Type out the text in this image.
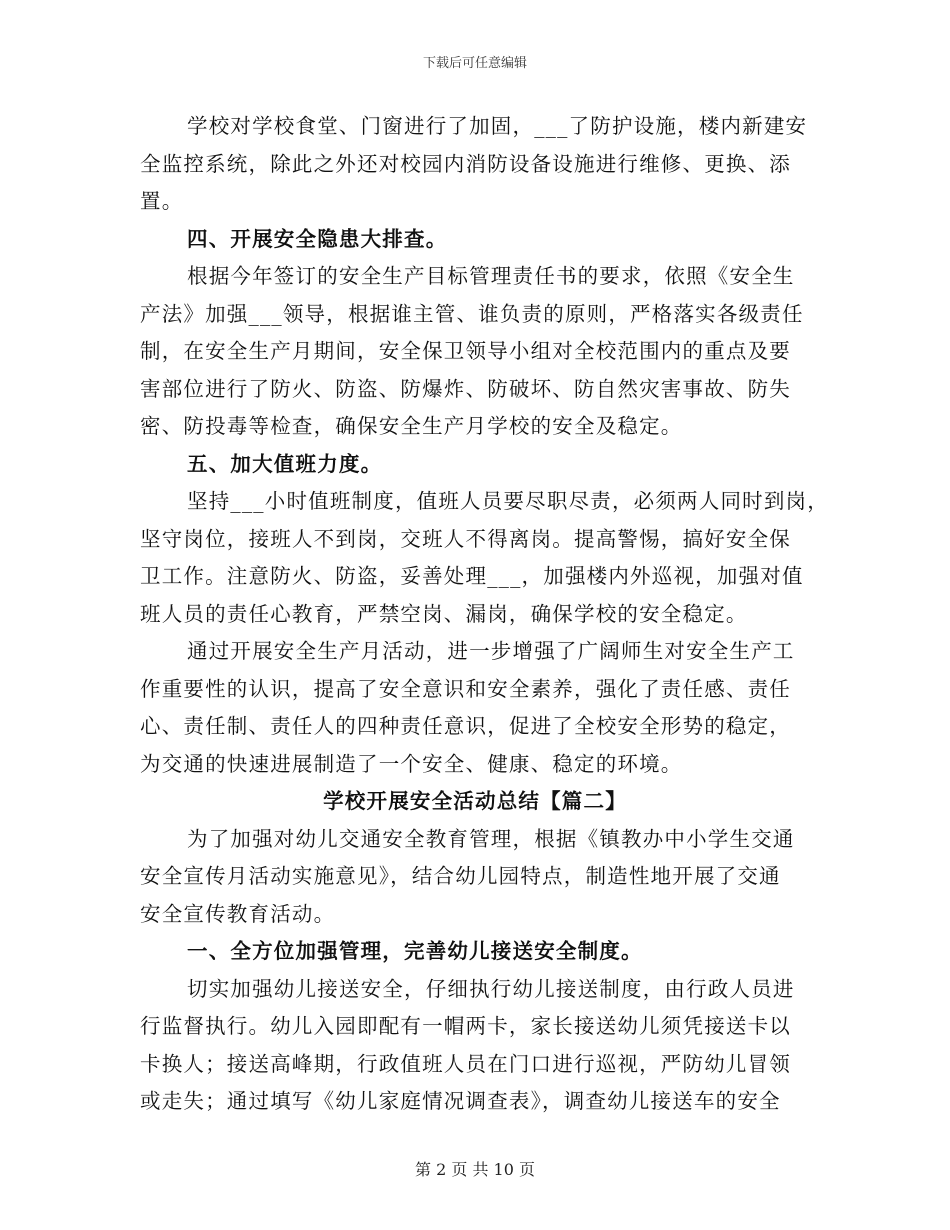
下载后可任意编辑
学校对学校食堂、门窗进行了加固，___了防护设施，楼内新建安
全监控系统，除此之外还对校园内消防设备设施进行维修、更换、添
置。
四、开展安全隐患大排查。
根据今年签订的安全生产目标管理责任书的要求，依照《安全生
产法》加强___领导，根据谁主管、谁负责的原则，严格落实各级责任
制，在安全生产月期间，安全保卫领导小组对全校范围内的重点及要
害部位进行了防火、防盗、防爆炸、防破坏、防自然灾害事故、防失
密、防投毒等检查，确保安全生产月学校的安全及稳定。
五、加大值班力度。
坚持___小时值班制度，值班人员要尽职尽责，必须两人同时到岗，
坚守岗位，接班人不到岗，交班人不得离岗。提高警惕，搞好安全保
卫工作。注意防火、防盗，妥善处理___，加强楼内外巡视，加强对值
班人员的责任心教育，严禁空岗、漏岗，确保学校的安全稳定。
通过开展安全生产月活动，进一步增强了广阔师生对安全生产工
作重要性的认识，提高了安全意识和安全素养，强化了责任感、责任
心、责任制、责任人的四种责任意识，促进了全校安全形势的稳定，
为交通的快速进展制造了一个安全、健康、稳定的环境。
学校开展安全活动总结【篇二】
为了加强对幼儿交通安全教育管理，根据《镇教办中小学生交通
安全宣传月活动实施意见》，结合幼儿园特点，制造性地开展了交通
安全宣传教育活动。
一、全方位加强管理，完善幼儿接送安全制度。
切实加强幼儿接送安全，仔细执行幼儿接送制度，由行政人员进
行监督执行。幼儿入园即配有一帽两卡，家长接送幼儿须凭接送卡以
卡换人；接送高峰期，行政值班人员在门口进行巡视，严防幼儿冒领
或走失；通过填写《幼儿家庭情况调查表》，调查幼儿接送车的安全
第 2 页 共 10 页
